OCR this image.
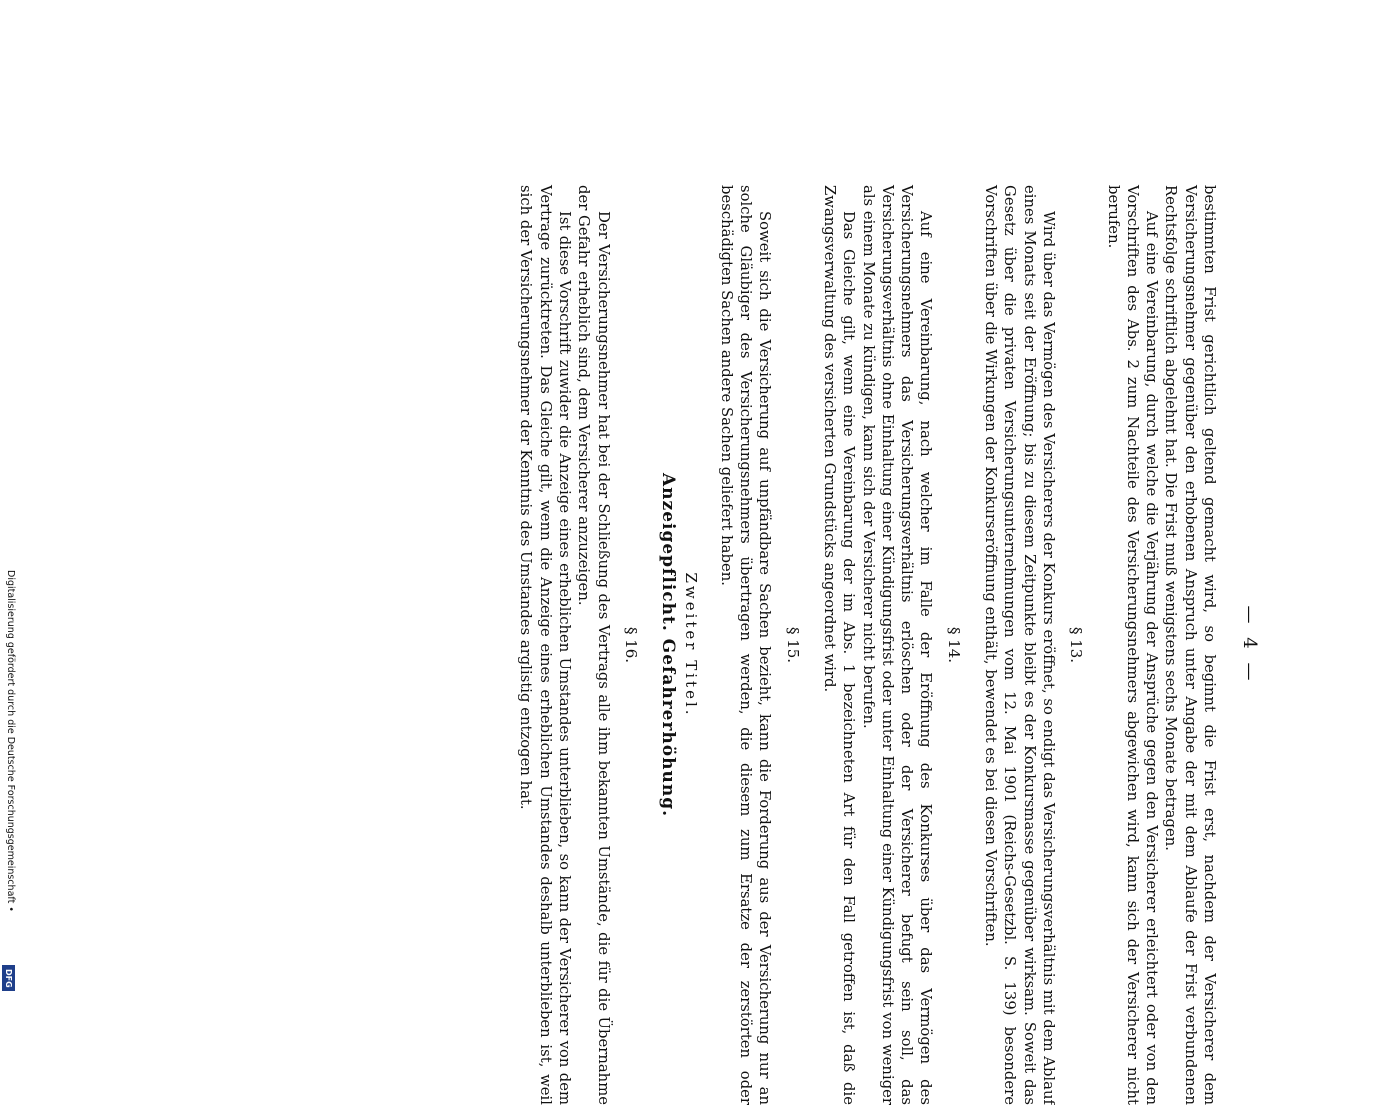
— 4 —

bestimmten Frist gerichtlich geltend gemacht wird, so beginnt die Frist erst, nachdem der Versicherer dem Versicherungsnehmer gegenüber den erhobenen Anspruch unter Angabe der mit dem Ablaufe der Frist verbundenen Rechtsfolge schriftlich abgelehnt hat. Die Frist muß wenigstens sechs Monate betragen.

Auf eine Vereinbarung, durch welche die Verjährung der Ansprüche gegen den Versicherer erleichtert oder von den Vorschriften des Abs. 2 zum Nachteile des Versicherungsnehmers abgewichen wird, kann sich der Versicherer nicht berufen.

§ 13.

Wird über das Vermögen des Versicherers der Konkurs eröffnet, so endigt das Versicherungsverhältnis mit dem Ablauf eines Monats seit der Eröffnung; bis zu diesem Zeitpunkte bleibt es der Konkursmasse gegenüber wirksam. Soweit das Gesetz über die privaten Versicherungsunternehmungen vom 12. Mai 1901 (Reichs-Gesetzbl. S. 139) besondere Vorschriften über die Wirkungen der Konkurseröffnung enthält, bewendet es bei diesen Vorschriften.

§ 14.

Auf eine Vereinbarung, nach welcher im Falle der Eröffnung des Konkurses über das Vermögen des Versicherungsnehmers das Versicherungsverhältnis erlöschen oder der Versicherer befugt sein soll, das Versicherungsverhältnis ohne Einhaltung einer Kündigungsfrist oder unter Einhaltung einer Kündigungsfrist von weniger als einem Monate zu kündigen, kann sich der Versicherer nicht berufen.

Das Gleiche gilt, wenn eine Vereinbarung der im Abs. 1 bezeichneten Art für den Fall getroffen ist, daß die Zwangsverwaltung des versicherten Grundstücks angeordnet wird.

§ 15.

Soweit sich die Versicherung auf unpfändbare Sachen bezieht, kann die Forderung aus der Versicherung nur an solche Gläubiger des Versicherungsnehmers übertragen werden, die diesem zum Ersatze der zerstörten oder beschädigten Sachen andere Sachen geliefert haben.

Zweiter Titel.
Anzeigepflicht. Gefahrerhöhung.
§ 16.

Der Versicherungsnehmer hat bei der Schließung des Vertrags alle ihm bekannten Umstände, die für die Übernahme der Gefahr erheblich sind, dem Versicherer anzuzeigen.

Ist diese Vorschrift zuwider die Anzeige eines erheblichen Umstandes unterblieben, so kann der Versicherer von dem Vertrage zurücktreten. Das Gleiche gilt, wenn die Anzeige eines erheblichen Umstandes deshalb unterblieben ist, weil sich der Versicherungsnehmer der Kenntnis des Umstandes arglistig entzogen hat.

Digitalisierung gefördert durch die Deutsche Forschungsgemeinschaft •
DFG
